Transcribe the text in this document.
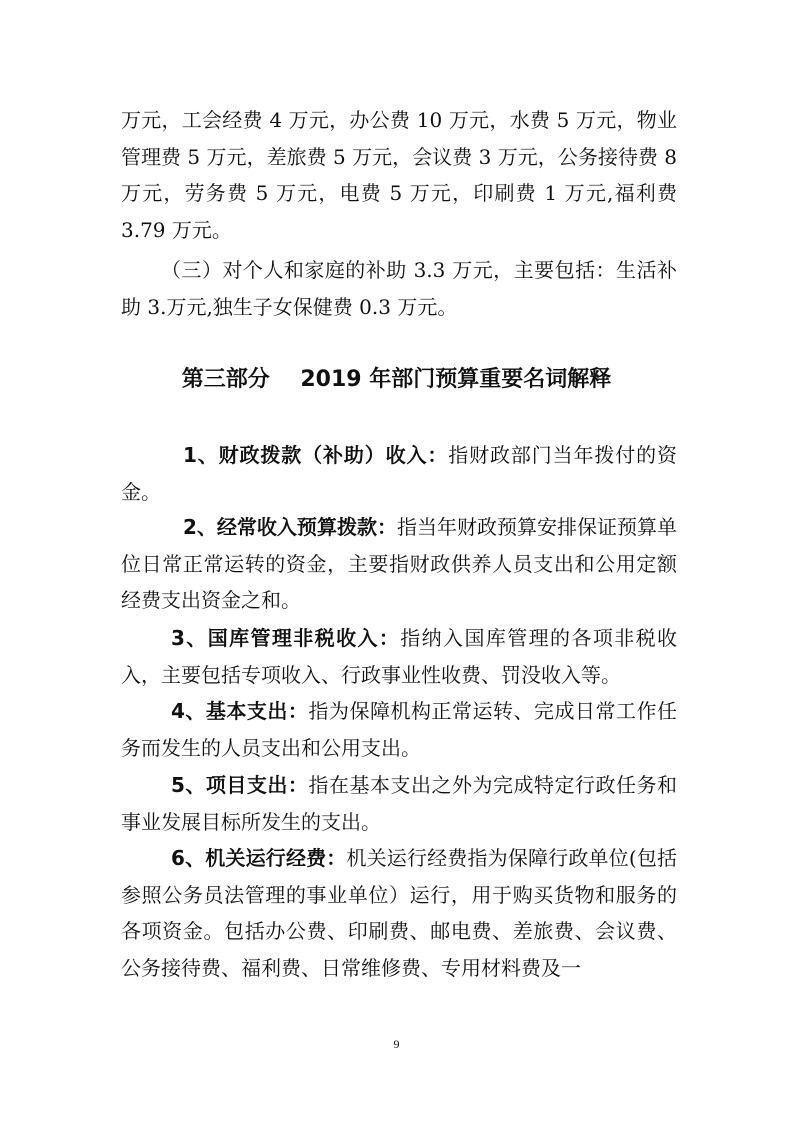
万元，工会经费 4 万元，办公费 10 万元，水费 5 万元，物业管理费 5 万元，差旅费 5 万元，会议费 3 万元，公务接待费 8 万元，劳务费 5 万元，电费 5 万元，印刷费 1 万元,福利费 3.79 万元。

（三）对个人和家庭的补助 3.3 万元，主要包括：生活补助 3.万元,独生子女保健费 0.3 万元。

第三部分    2019 年部门预算重要名词解释

1、财政拨款（补助）收入：指财政部门当年拨付的资金。

2、经常收入预算拨款：指当年财政预算安排保证预算单位日常正常运转的资金，主要指财政供养人员支出和公用定额经费支出资金之和。

3、国库管理非税收入：指纳入国库管理的各项非税收入，主要包括专项收入、行政事业性收费、罚没收入等。

4、基本支出：指为保障机构正常运转、完成日常工作任务而发生的人员支出和公用支出。

5、项目支出：指在基本支出之外为完成特定行政任务和事业发展目标所发生的支出。

6、机关运行经费：机关运行经费指为保障行政单位(包括参照公务员法管理的事业单位）运行，用于购买货物和服务的各项资金。包括办公费、印刷费、邮电费、差旅费、会议费、公务接待费、福利费、日常维修费、专用材料费及一

9
